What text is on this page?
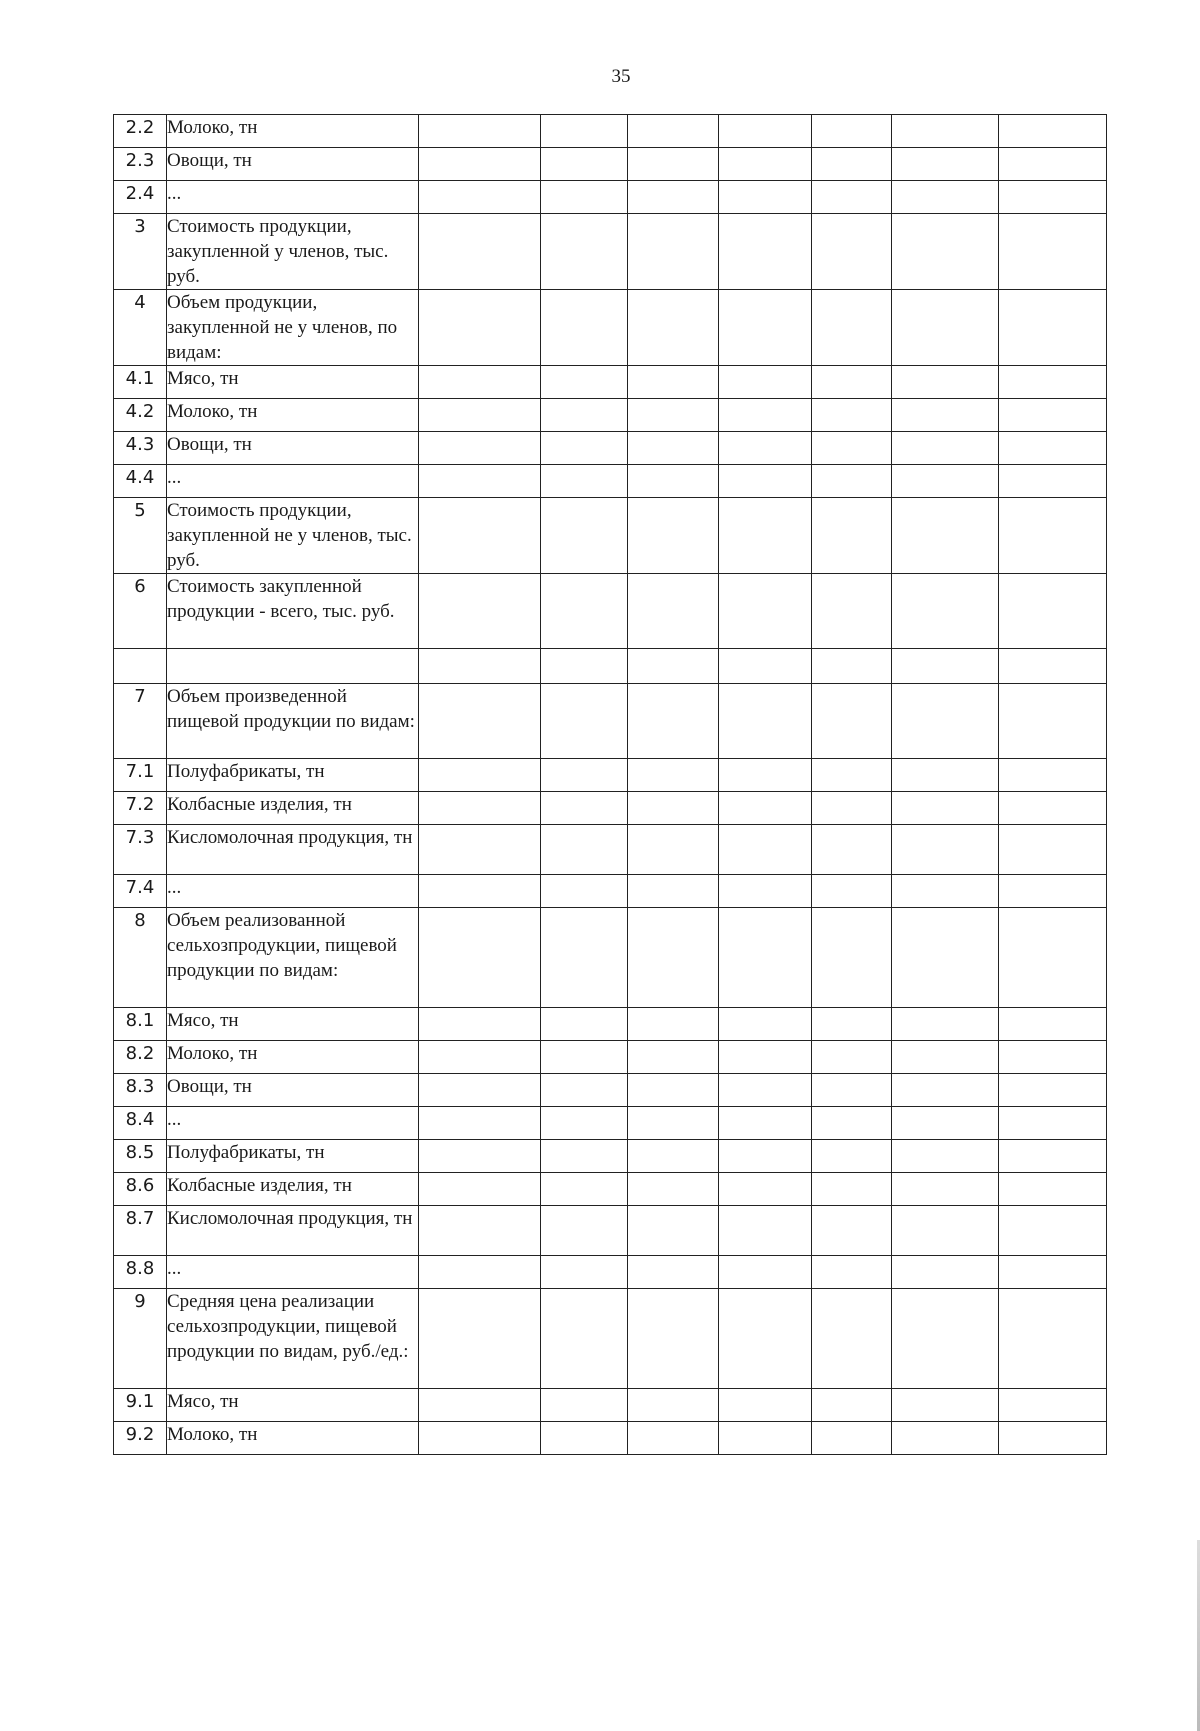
35
2.2	Молоко, тн							
2.3	Овощи, тн							
2.4	...							
3	Стоимость продукции, закупленной у членов, тыс. руб.							
4	Объем продукции, закупленной не у членов, по видам:							
4.1	Мясо, тн							
4.2	Молоко, тн							
4.3	Овощи, тн							
4.4	...							
5	Стоимость продукции, закупленной не у членов, тыс. руб.							
6	Стоимость закупленной продукции - всего, тыс. руб.							

7	Объем произведенной пищевой продукции по видам:							
7.1	Полуфабрикаты, тн							
7.2	Колбасные изделия, тн							
7.3	Кисломолочная продукция, тн							
7.4	...							
8	Объем реализованной сельхозпродукции, пищевой продукции по видам:							
8.1	Мясо, тн							
8.2	Молоко, тн							
8.3	Овощи, тн							
8.4	...							
8.5	Полуфабрикаты, тн							
8.6	Колбасные изделия, тн							
8.7	Кисломолочная продукция, тн							
8.8	...							
9	Средняя цена реализации сельхозпродукции, пищевой продукции по видам, руб./ед.:							
9.1	Мясо, тн							
9.2	Молоко, тн							
